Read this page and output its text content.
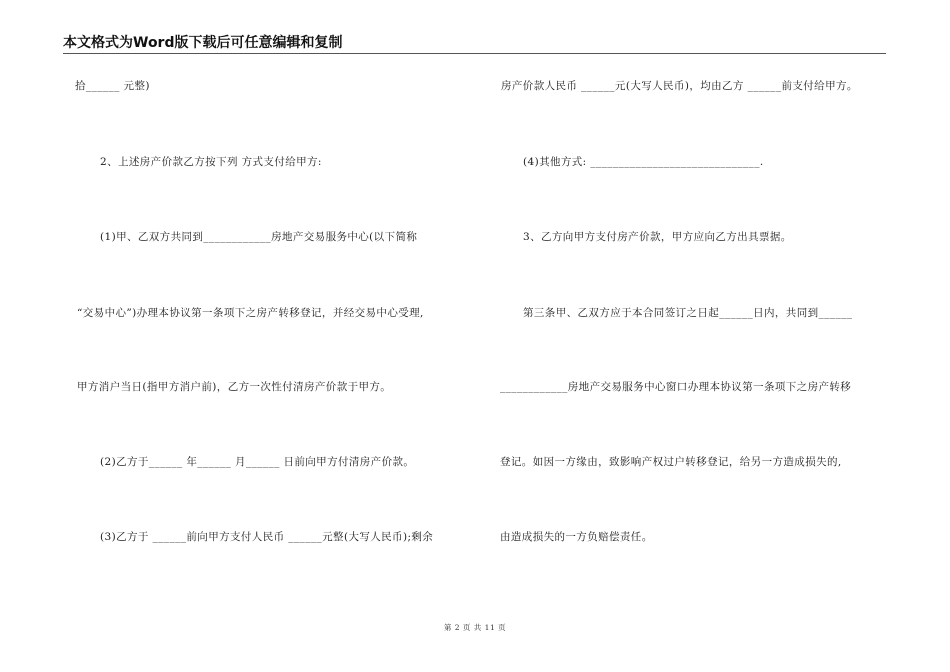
本文格式为Word版下载后可任意编辑和复制
拾______ 元整)
2、上述房产价款乙方按下列 方式支付给甲方:
(1)甲、乙双方共同到____________房地产交易服务中心(以下简称
“交易中心”)办理本协议第一条项下之房产转移登记，并经交易中心受理,
甲方消户当日(指甲方消户前)，乙方一次性付清房产价款于甲方。
(2)乙方于______ 年______ 月______ 日前向甲方付清房产价款。
(3)乙方于 ______前向甲方支付人民币 ______元整(大写人民币);剩余
房产价款人民币 ______元(大写人民币)，均由乙方 ______前支付给甲方。
(4)其他方式: ______________________________.
3、乙方向甲方支付房产价款，甲方应向乙方出具票据。
第三条甲、乙双方应于本合同签订之日起______日内，共同到______
____________房地产交易服务中心窗口办理本协议第一条项下之房产转移
登记。如因一方缘由，致影响产权过户转移登记，给另一方造成损失的,
由造成损失的一方负赔偿责任。
第 2 页 共 11 页
